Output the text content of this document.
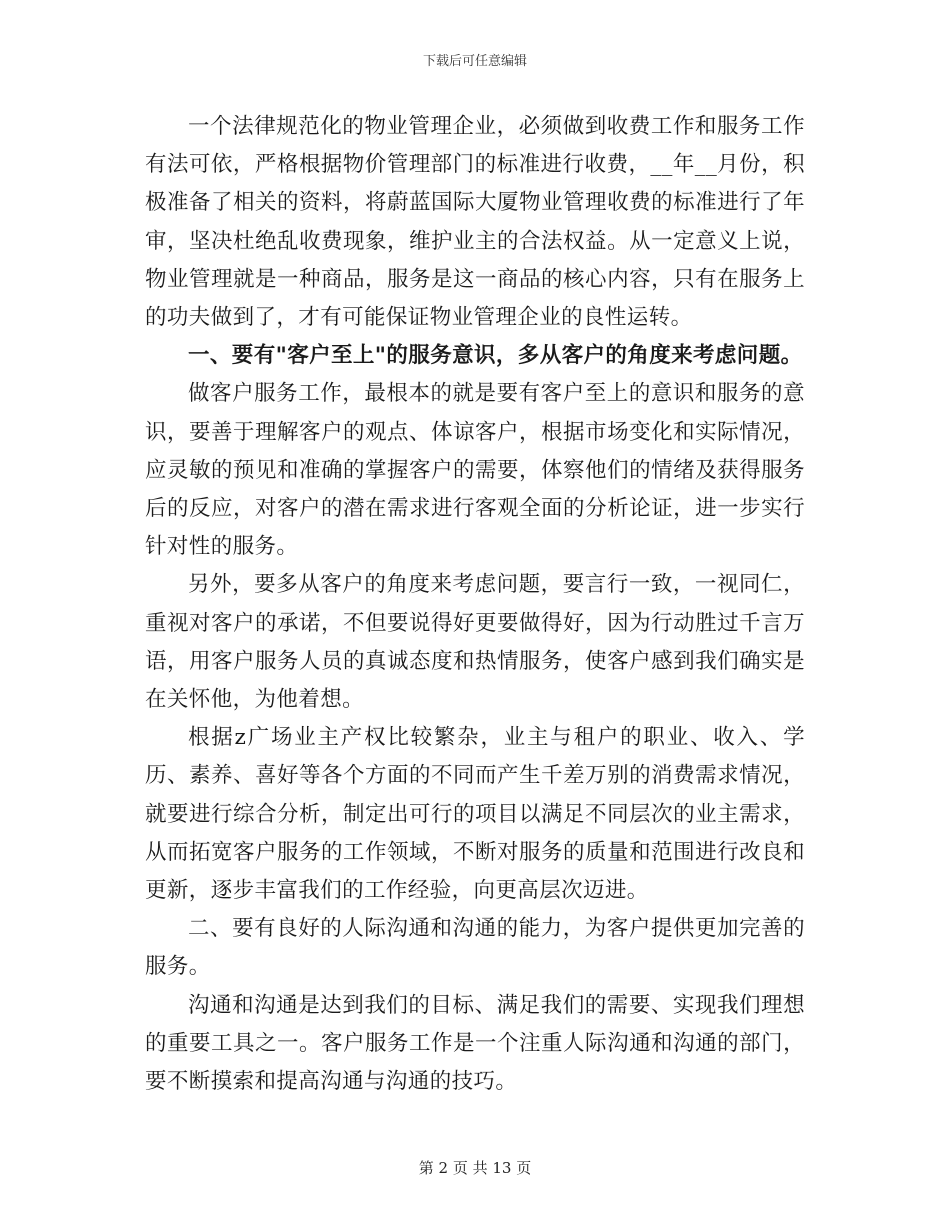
下载后可任意编辑

一个法律规范化的物业管理企业，必须做到收费工作和服务工作有法可依，严格根据物价管理部门的标准进行收费，__年__月份，积极准备了相关的资料，将蔚蓝国际大厦物业管理收费的标准进行了年审，坚决杜绝乱收费现象，维护业主的合法权益。从一定意义上说，物业管理就是一种商品，服务是这一商品的核心内容，只有在服务上的功夫做到了，才有可能保证物业管理企业的良性运转。

一、要有"客户至上"的服务意识，多从客户的角度来考虑问题。

做客户服务工作，最根本的就是要有客户至上的意识和服务的意识，要善于理解客户的观点、体谅客户，根据市场变化和实际情况，应灵敏的预见和准确的掌握客户的需要，体察他们的情绪及获得服务后的反应，对客户的潜在需求进行客观全面的分析论证，进一步实行针对性的服务。

另外，要多从客户的角度来考虑问题，要言行一致，一视同仁，重视对客户的承诺，不但要说得好更要做得好，因为行动胜过千言万语，用客户服务人员的真诚态度和热情服务，使客户感到我们确实是在关怀他，为他着想。

根据z广场业主产权比较繁杂，业主与租户的职业、收入、学历、素养、喜好等各个方面的不同而产生千差万别的消费需求情况，就要进行综合分析，制定出可行的项目以满足不同层次的业主需求，从而拓宽客户服务的工作领域，不断对服务的质量和范围进行改良和更新，逐步丰富我们的工作经验，向更高层次迈进。

二、要有良好的人际沟通和沟通的能力，为客户提供更加完善的服务。

沟通和沟通是达到我们的目标、满足我们的需要、实现我们理想的重要工具之一。客户服务工作是一个注重人际沟通和沟通的部门，要不断摸索和提高沟通与沟通的技巧。

第 2 页 共 13 页
